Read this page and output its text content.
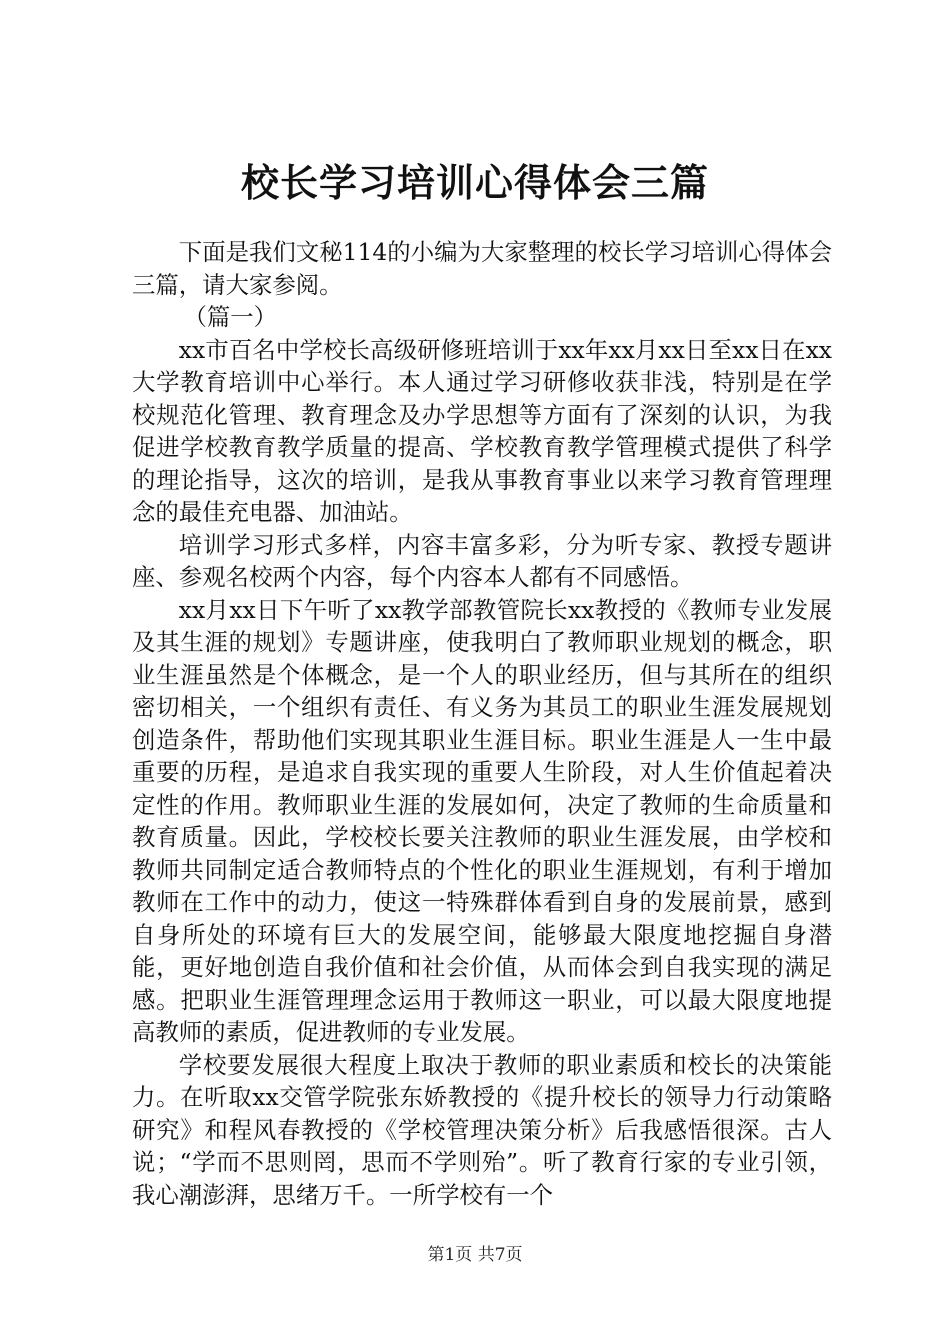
校长学习培训心得体会三篇

下面是我们文秘114的小编为大家整理的校长学习培训心得体会三篇，请大家参阅。

（篇一）

xx市百名中学校长高级研修班培训于xx年xx月xx日至xx日在xx大学教育培训中心举行。本人通过学习研修收获非浅，特别是在学校规范化管理、教育理念及办学思想等方面有了深刻的认识，为我促进学校教育教学质量的提高、学校教育教学管理模式提供了科学的理论指导，这次的培训，是我从事教育事业以来学习教育管理理念的最佳充电器、加油站。

培训学习形式多样，内容丰富多彩，分为听专家、教授专题讲座、参观名校两个内容，每个内容本人都有不同感悟。

xx月xx日下午听了xx教学部教管院长xx教授的《教师专业发展及其生涯的规划》专题讲座，使我明白了教师职业规划的概念，职业生涯虽然是个体概念，是一个人的职业经历，但与其所在的组织密切相关，一个组织有责任、有义务为其员工的职业生涯发展规划创造条件，帮助他们实现其职业生涯目标。职业生涯是人一生中最重要的历程，是追求自我实现的重要人生阶段，对人生价值起着决定性的作用。教师职业生涯的发展如何，决定了教师的生命质量和教育质量。因此，学校校长要关注教师的职业生涯发展，由学校和教师共同制定适合教师特点的个性化的职业生涯规划，有利于增加教师在工作中的动力，使这一特殊群体看到自身的发展前景，感到自身所处的环境有巨大的发展空间，能够最大限度地挖掘自身潜能，更好地创造自我价值和社会价值，从而体会到自我实现的满足感。把职业生涯管理理念运用于教师这一职业，可以最大限度地提高教师的素质，促进教师的专业发展。

学校要发展很大程度上取决于教师的职业素质和校长的决策能力。在听取xx交管学院张东娇教授的《提升校长的领导力行动策略研究》和程风春教授的《学校管理决策分析》后我感悟很深。古人说；“学而不思则罔，思而不学则殆”。听了教育行家的专业引领，我心潮澎湃，思绪万千。一所学校有一个

第1页 共7页
